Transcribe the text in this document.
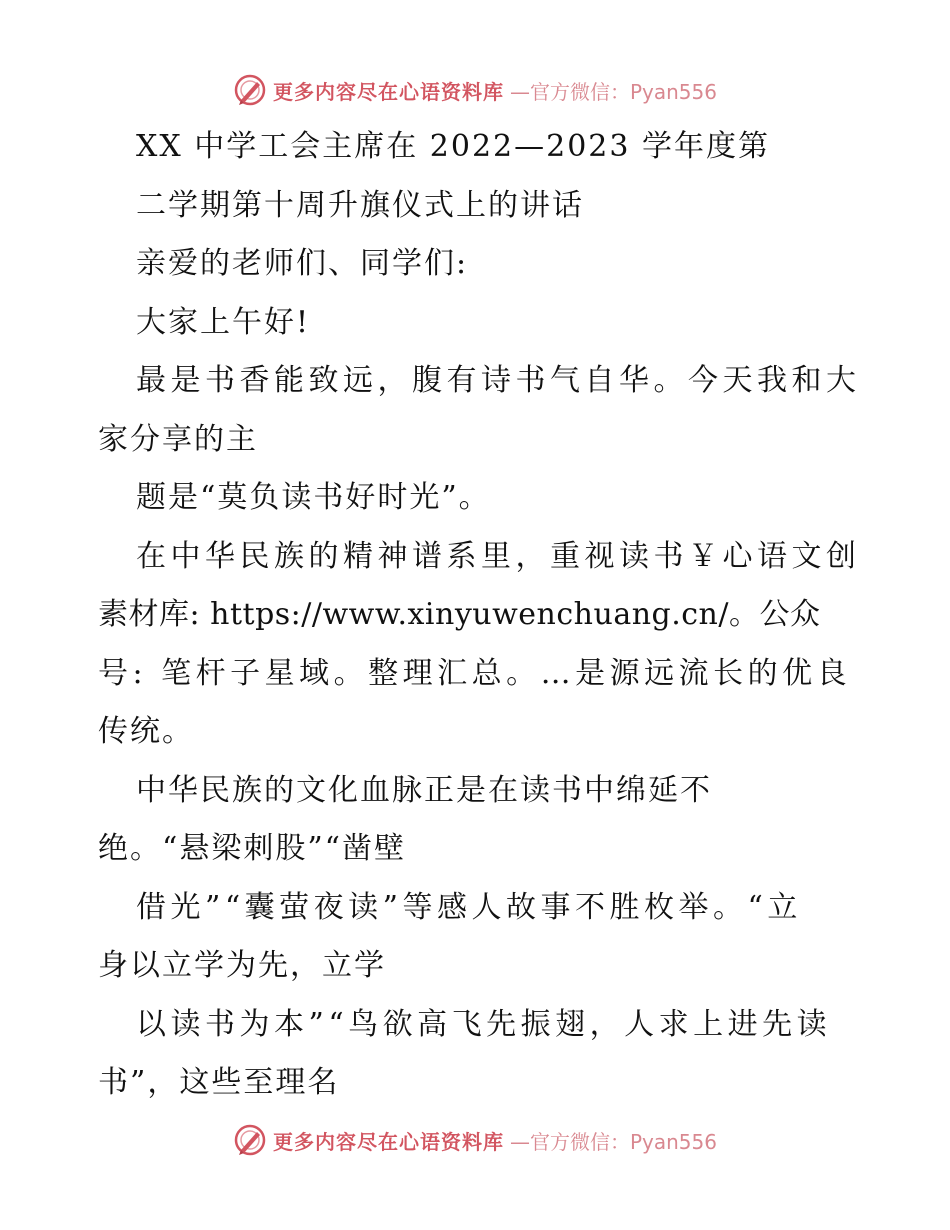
更多内容尽在心语资料库 —官方微信：Pyan556
XX 中学工会主席在 2022—2023 学年度第
二学期第十周升旗仪式上的讲话
亲爱的老师们、同学们:
大家上午好!
最是书香能致远，腹有诗书气自华。今天我和大
家分享的主
题是“莫负读书好时光”。
在中华民族的精神谱系里，重视读书￥心语文创
素材库: https://www.xinyuwenchuang.cn/。公众
号: 笔杆子星域。整理汇总。…是源远流长的优良
传统。
中华民族的文化血脉正是在读书中绵延不
绝。“悬梁刺股”“凿壁
借光”“囊萤夜读”等感人故事不胜枚举。“立
身以立学为先，立学
以读书为本”“鸟欲高飞先振翅，人求上进先读
书”，这些至理名
更多内容尽在心语资料库 —官方微信：Pyan556
